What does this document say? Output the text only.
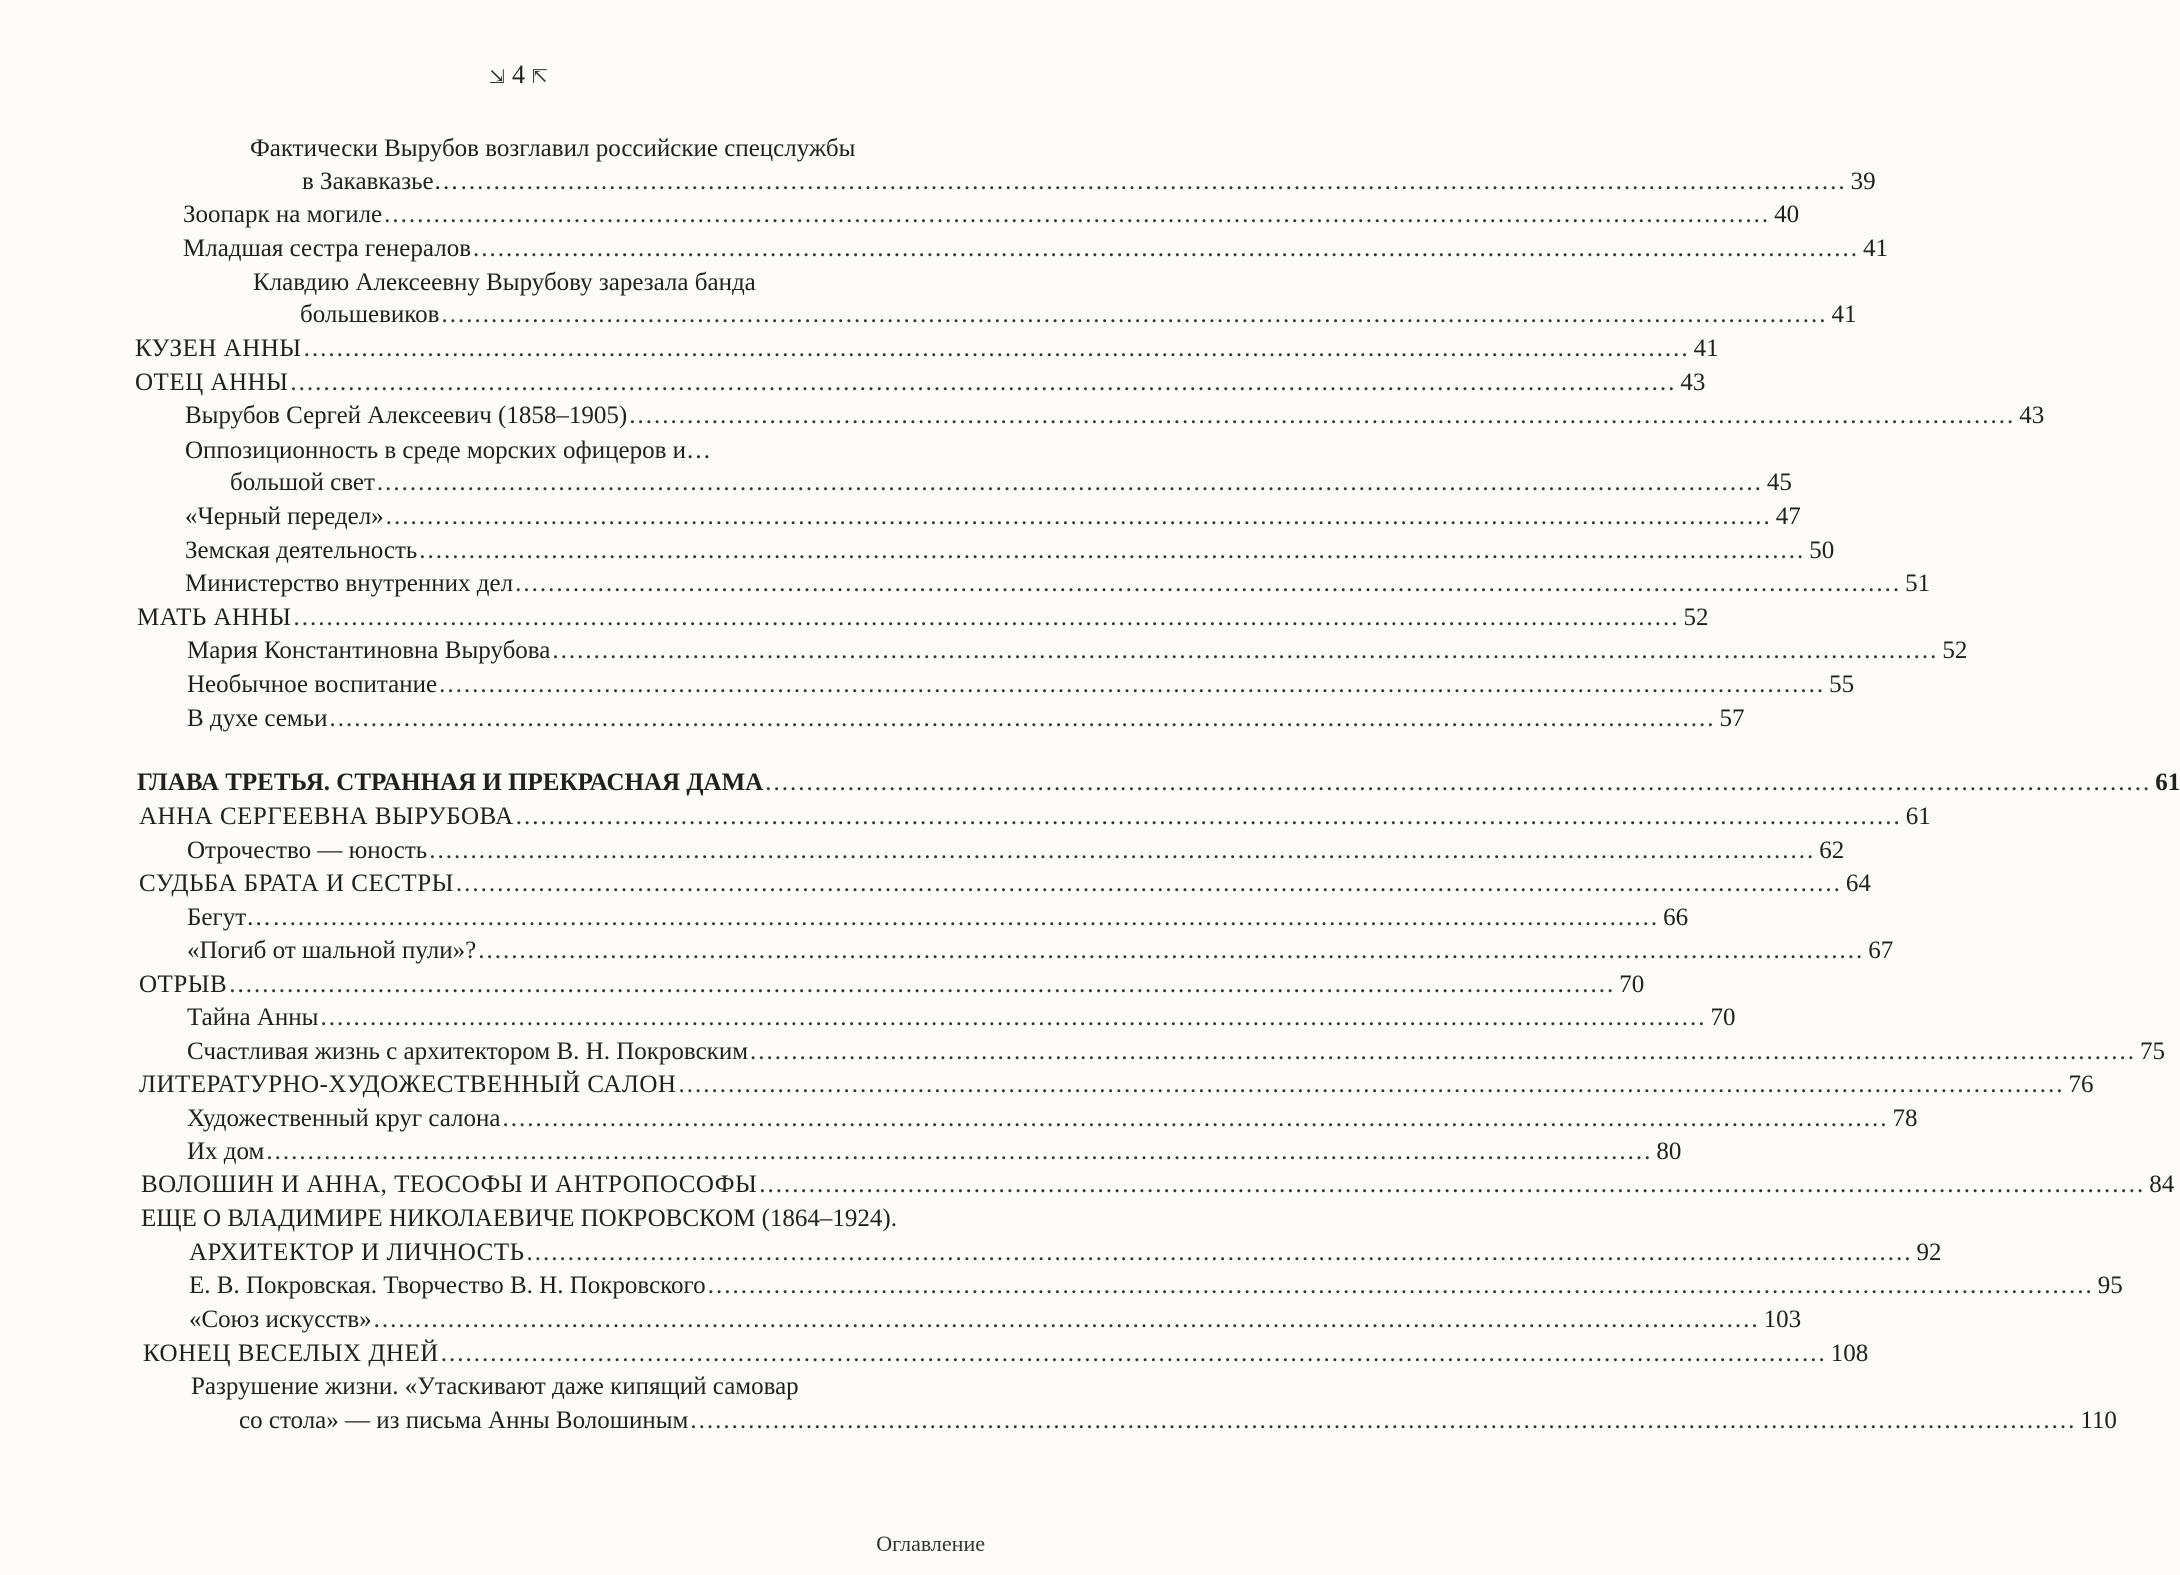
⇲ 4 ⇱
Фактически Вырубов возглавил российские спецслужбы
в Закавказье… ........................................................................................................................................................................ 39
Зоопарк на могиле ........................................................................................................................................................................ 40
Младшая сестра генералов ........................................................................................................................................................................ 41
Клавдию Алексеевну Вырубову зарезала банда
большевиков ........................................................................................................................................................................ 41
КУЗЕН АННЫ ........................................................................................................................................................................ 41
ОТЕЦ АННЫ ........................................................................................................................................................................ 43
Вырубов Сергей Алексеевич (1858–1905) ........................................................................................................................................................................ 43
Оппозиционность в среде морских офицеров и…
большой свет ........................................................................................................................................................................ 45
«Черный передел» ........................................................................................................................................................................ 47
Земская деятельность ........................................................................................................................................................................ 50
Министерство внутренних дел ........................................................................................................................................................................ 51
МАТЬ АННЫ ........................................................................................................................................................................ 52
Мария Константиновна Вырубова ........................................................................................................................................................................ 52
Необычное воспитание ........................................................................................................................................................................ 55
В духе семьи ........................................................................................................................................................................ 57
ГЛАВА ТРЕТЬЯ. СТРАННАЯ И ПРЕКРАСНАЯ ДАМА ........................................................................................................................................................................ 61
АННА СЕРГЕЕВНА ВЫРУБОВА ........................................................................................................................................................................ 61
Отрочество — юность ........................................................................................................................................................................ 62
СУДЬБА БРАТА И СЕСТРЫ ........................................................................................................................................................................ 64
Бегут… ........................................................................................................................................................................ 66
«Погиб от шальной пули»? ........................................................................................................................................................................ 67
ОТРЫВ ........................................................................................................................................................................ 70
Тайна Анны ........................................................................................................................................................................ 70
Счастливая жизнь с архитектором В. Н. Покровским ........................................................................................................................................................................ 75
ЛИТЕРАТУРНО-ХУДОЖЕСТВЕННЫЙ САЛОН ........................................................................................................................................................................ 76
Художественный круг салона ........................................................................................................................................................................ 78
Их дом ........................................................................................................................................................................ 80
ВОЛОШИН И АННА, ТЕОСОФЫ И АНТРОПОСОФЫ ........................................................................................................................................................................ 84
ЕЩЕ О ВЛАДИМИРЕ НИКОЛАЕВИЧЕ ПОКРОВСКОМ (1864–1924).
АРХИТЕКТОР И ЛИЧНОСТЬ ........................................................................................................................................................................ 92
Е. В. Покровская. Творчество В. Н. Покровского ........................................................................................................................................................................ 95
«Союз искусств» ........................................................................................................................................................................ 103
КОНЕЦ ВЕСЕЛЫХ ДНЕЙ ........................................................................................................................................................................ 108
Разрушение жизни. «Утаскивают даже кипящий самовар
со стола» — из письма Анны Волошиным ........................................................................................................................................................................ 110
Оглавление
